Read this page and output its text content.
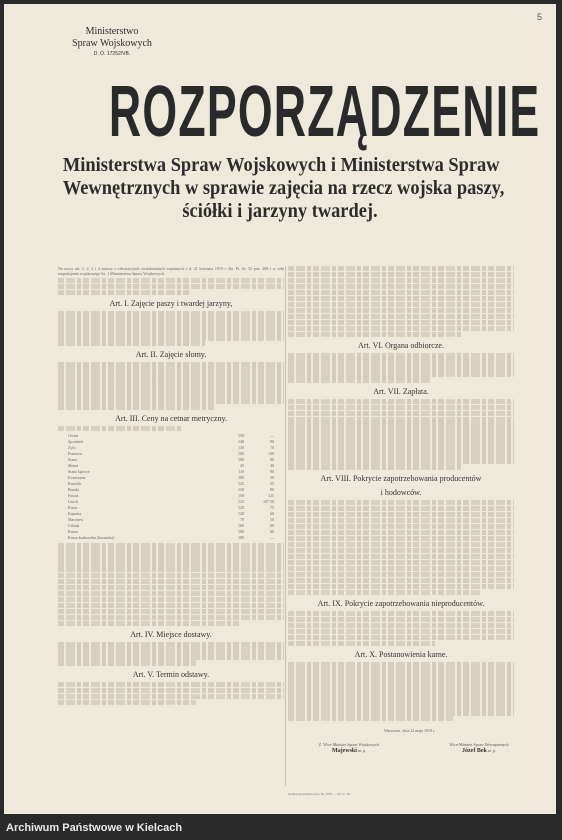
5
Ministerstwo
Spraw Wojskowych
D. O. 17252/VB.
ROZPORZĄDZENIE
Ministerstwa Spraw Wojskowych i Ministerstwa Spraw
Wewnętrznych w sprawie zajęcia na rzecz wojska paszy,
ściółki i jarzyny twardej.
Na mocy art. 1, 2, 3 i 4 ustawy o rekwizycjach świadczeniach wojennych z d. 21 kwietnia 1919 r. Dz. Pr. № 32 poz. 268 i w celu zaspokojenia wojskowego Sz. 1 Ministerstwa Spraw Wojskowych.
Art. I. Zajęcie paszy i twardej jarzyny,
Art. II. Zajęcie słomy.
Art. III. Ceny na cetnar metryczny.
Owies	150	—
Jęczmień	140	80
Żyto	130	70
Pszenica	100	130
Siano	100	80
Słoma	45	40
Siano łąkowe	110	80
Koniczyna	180	30
Kartofle	125	25
Buraki	130	80
Fasola	150	125
Groch	125	107.50
Pszen	120	75
Kapusta	120	60
Marchew	70	50
Cebula	160	60
Kasza	100	60
Kasza krakowska (kaszanka)	180	—
Art. IV. Miejsce dostawy.
Art. V. Termin odstawy.
Art. VI. Organa odbiorcze.
Art. VII. Zapłata.
Art. VIII. Pokrycie zapotrzebowania producentów
i hodowców.
Art. IX. Pokrycie zapotrzebowania nieproducentów.
Art. X. Postanowienia karne.
Warszawa, dnia 22 maja 1919 r.
Z. Wice-Minister Spraw Wojskowych
Majewski m. p.
Wice-Minister Spraw Wewnętrznych
Józef Bek m. p.
Drukarnia Państwowa, № 1870 — 29. V. 19.
Archiwum Państwowe w Kielcach
